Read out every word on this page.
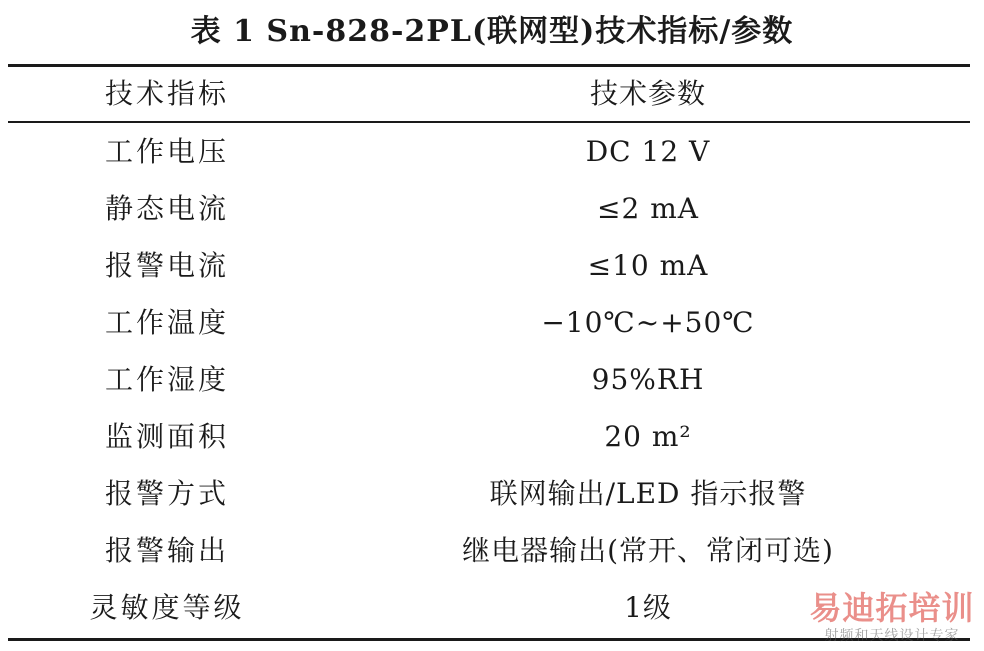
表 1 Sn-828-2PL(联网型)技术指标/参数
技术指标	技术参数
工作电压	DC 12 V
静态电流	≤2 mA
报警电流	≤10 mA
工作温度	−10℃~+50℃
工作湿度	95%RH
监测面积	20 m²
报警方式	联网输出/LED 指示报警
报警输出	继电器输出(常开、常闭可选)
灵敏度等级	1级	易迪拓培训
射频和天线设计专家
